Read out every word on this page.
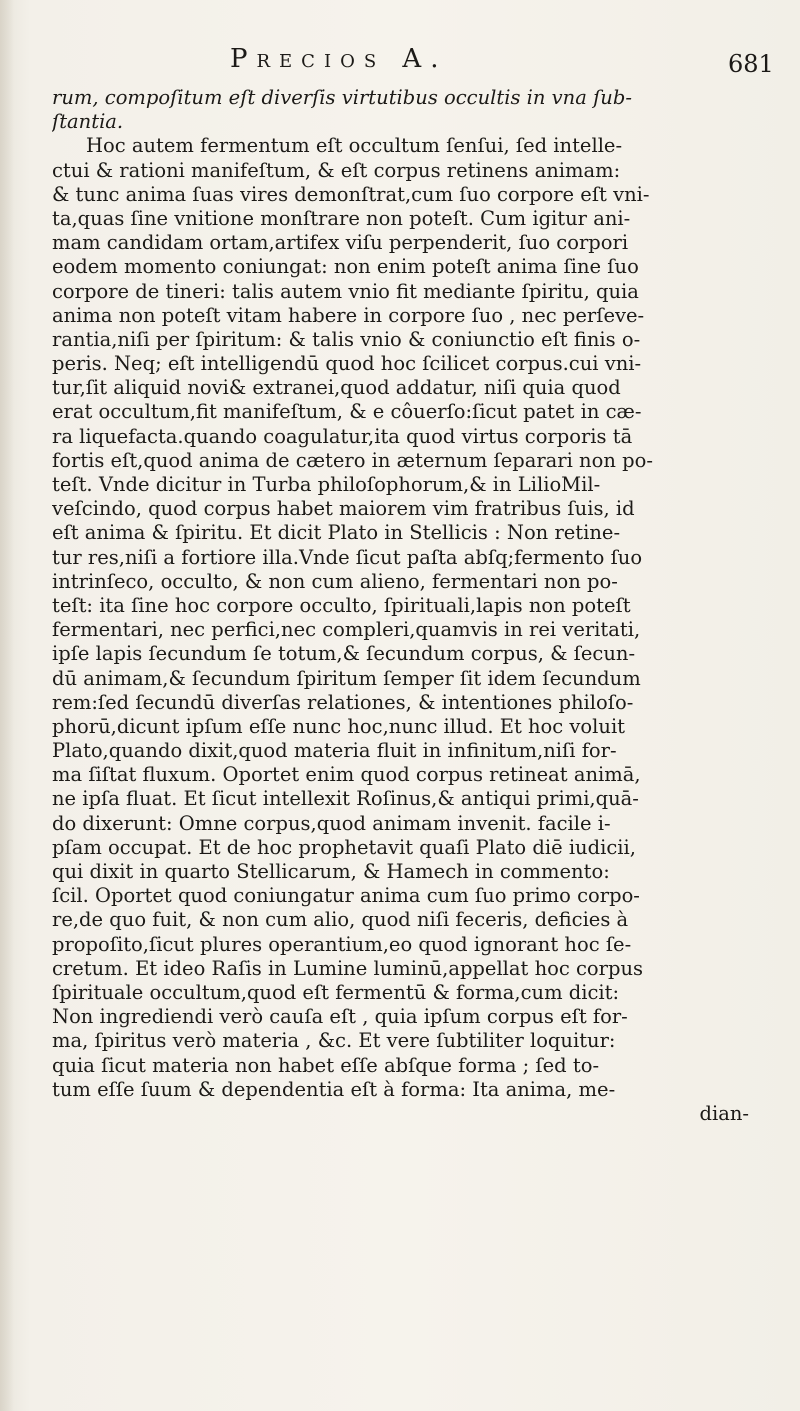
Precios A.	681
rum, compoſitum eſt diverſis virtutibus occultis in vna ſub-
ſtantia.
Hoc autem fermentum eſt occultum ſenſui, ſed intelle-
ctui & rationi manifeſtum, & eſt corpus retinens animam:
& tunc anima ſuas vires demonſtrat,cum ſuo corpore eſt vni-
ta,quas ſine vnitione monſtrare non poteſt. Cum igitur ani-
mam candidam ortam,artifex viſu perpenderit, ſuo corpori
eodem momento coniungat: non enim poteſt anima ſine ſuo
corpore de tineri: talis autem vnio fit mediante ſpiritu, quia
anima non poteſt vitam habere in corpore ſuo , nec perſeve-
rantia,niſi per ſpiritum: & talis vnio & coniunctio eſt finis o-
peris. Neq; eſt intelligendū quod hoc ſcilicet corpus.cui vni-
tur,ſit aliquid novi& extranei,quod addatur, niſi quia quod
erat occultum,fit manifeſtum, & e côuerſo:ſicut patet in cæ-
ra liquefacta.quando coagulatur,ita quod virtus corporis tā
fortis eſt,quod anima de cætero in æternum ſeparari non po-
teſt. Vnde dicitur in Turba philoſophorum,& in LilioMil-
veſcindo, quod corpus habet maiorem vim fratribus ſuis, id
eſt anima & ſpiritu. Et dicit Plato in Stellicis : Non retine-
tur res,niſi a fortiore illa.Vnde ſicut paſta abſq;fermento ſuo
intrinſeco, occulto, & non cum alieno, fermentari non po-
teſt: ita ſine hoc corpore occulto, ſpirituali,lapis non poteſt
fermentari, nec perfici,nec compleri,quamvis in rei veritati,
ipſe lapis ſecundum ſe totum,& ſecundum corpus, & ſecun-
dū animam,& ſecundum ſpiritum ſemper ſit idem ſecundum
rem:ſed ſecundū diverſas relationes, & intentiones philoſo-
phorū,dicunt ipſum eſſe nunc hoc,nunc illud. Et hoc voluit
Plato,quando dixit,quod materia fluit in infinitum,niſi for-
ma ſiſtat fluxum. Oportet enim quod corpus retineat animā,
ne ipſa fluat. Et ſicut intellexit Roſinus,& antiqui primi,quā-
do dixerunt: Omne corpus,quod animam invenit. facile i-
pſam occupat. Et de hoc prophetavit quaſi Plato diē iudicii,
qui dixit in quarto Stellicarum, & Hamech in commento:
ſcil. Oportet quod coniungatur anima cum ſuo primo corpo-
re,de quo fuit, & non cum alio, quod niſi feceris, deficies à
propoſito,ſicut plures operantium,eo quod ignorant hoc ſe-
cretum. Et ideo Raſis in Lumine luminū,appellat hoc corpus
ſpirituale occultum,quod eſt fermentū & forma,cum dicit:
Non ingrediendi verò cauſa eſt , quia ipſum corpus eſt for-
ma, ſpiritus verò materia , &c. Et vere ſubtiliter loquitur:
quia ſicut materia non habet eſſe abſque forma ; ſed to-
tum eſſe ſuum & dependentia eſt à forma: Ita anima, me-
dian-
